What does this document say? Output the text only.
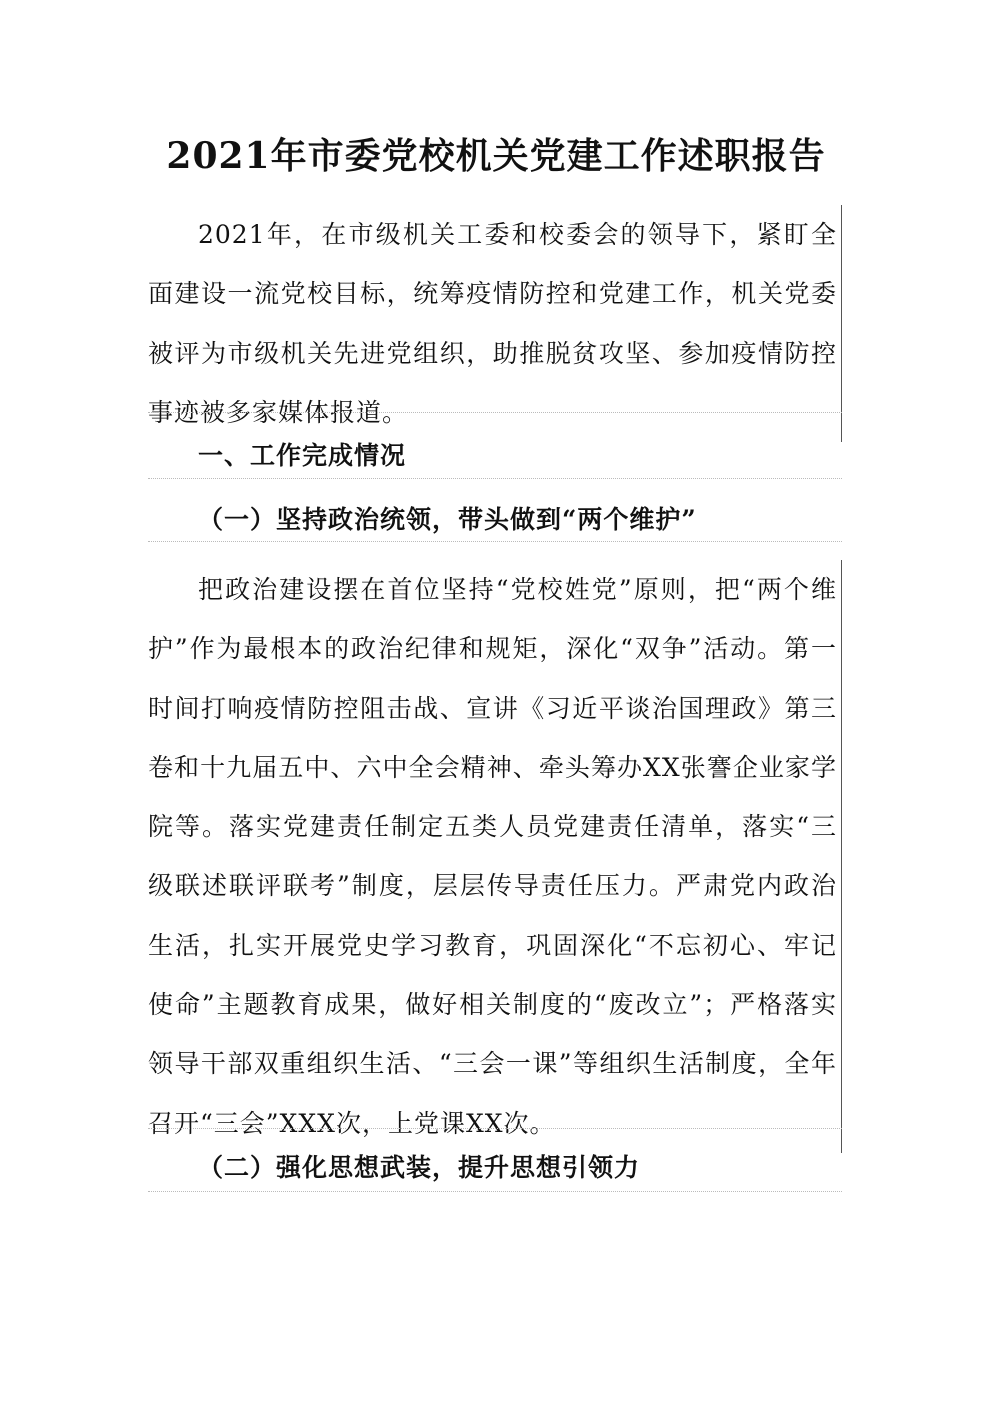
2021年市委党校机关党建工作述职报告

2021年，在市级机关工委和校委会的领导下，紧盯全面建设一流党校目标，统筹疫情防控和党建工作，机关党委被评为市级机关先进党组织，助推脱贫攻坚、参加疫情防控事迹被多家媒体报道。

一、工作完成情况

（一）坚持政治统领，带头做到“两个维护”

把政治建设摆在首位坚持“党校姓党”原则，把“两个维护”作为最根本的政治纪律和规矩，深化“双争”活动。第一时间打响疫情防控阻击战、宣讲《习近平谈治国理政》第三卷和十九届五中、六中全会精神、牵头筹办XX张謇企业家学院等。落实党建责任制定五类人员党建责任清单，落实“三级联述联评联考”制度，层层传导责任压力。严肃党内政治生活，扎实开展党史学习教育，巩固深化“不忘初心、牢记使命”主题教育成果，做好相关制度的“废改立”；严格落实领导干部双重组织生活、“三会一课”等组织生活制度，全年召开“三会”XXX次，上党课XX次。

（二）强化思想武装，提升思想引领力
